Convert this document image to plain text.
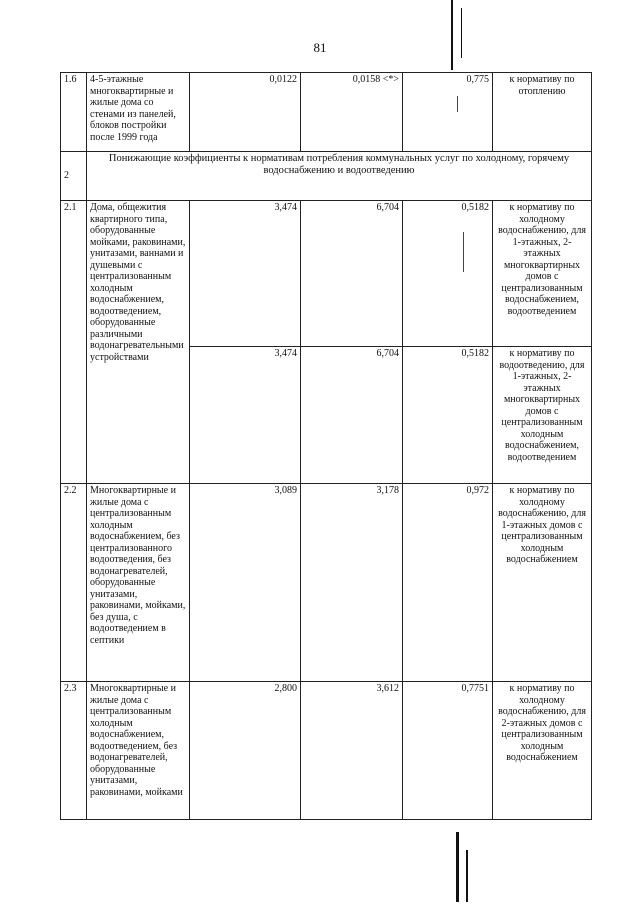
81
1.6	4-5-этажные многоквартирные и жилые дома со стенами из панелей, блоков постройки после 1999 года	0,0122	0,0158 <*>	0,775	к нормативу по отоплению
2	Понижающие коэффициенты к нормативам потребления коммунальных услуг по холодному, горячему водоснабжению и водоотведению				
2.1	Дома, общежития квартирного типа, оборудованные мойками, раковинами, унитазами, ваннами и душевыми с централизованным холодным водоснабжением, водоотведением, оборудованные различными водонагревательными устройствами	3,474	6,704	0,5182	к нормативу по холодному водоснабжению, для 1-этажных, 2-этажных многоквартирных домов с централизованным водоснабжением, водоотведением
		3,474	6,704	0,5182	к нормативу по водоотведению, для 1-этажных, 2-этажных многоквартирных домов с централизованным холодным водоснабжением, водоотведением
2.2	Многоквартирные и жилые дома с централизованным холодным водоснабжением, без централизованного водоотведения, без водонагревателей, оборудованные унитазами, раковинами, мойками, без душа, с водоотведением в септики	3,089	3,178	0,972	к нормативу по холодному водоснабжению, для 1-этажных домов с централизованным холодным водоснабжением
2.3	Многоквартирные и жилые дома с централизованным холодным водоснабжением, водоотведением, без водонагревателей, оборудованные унитазами, раковинами, мойками	2,800	3,612	0,7751	к нормативу по холодному водоснабжению, для 2-этажных домов с централизованным холодным водоснабжением
